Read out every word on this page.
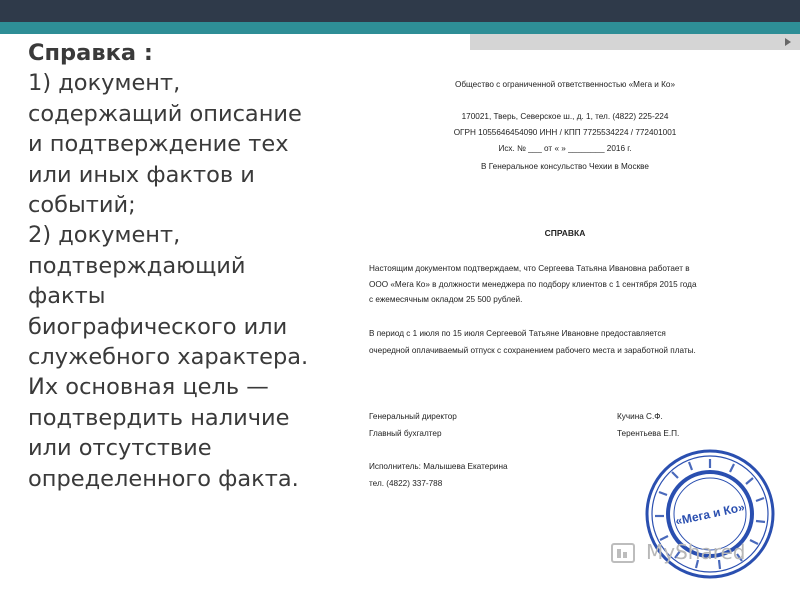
Справка :
1) документ,
содержащий описание
и подтверждение тех
или иных фактов и
событий;
2) документ,
подтверждающий
факты
биографического или
служебного характера.
Их основная цель —
подтвердить наличие
или отсутствие
определенного факта.
Общество с ограниченной ответственностью «Мега и Ко»
170021, Тверь, Северское ш., д. 1, тел. (4822) 225-224
ОГРН 1055646454090 ИНН / КПП 7725534224 / 772401001
Исх. № ___ от « » ________ 2016 г.
В Генеральное консульство Чехии в Москве
СПРАВКА
Настоящим документом подтверждаем, что Сергеева Татьяна Ивановна работает в
ООО «Мега Ко» в должности менеджера по подбору клиентов с 1 сентября 2015 года
с ежемесячным окладом 25 500 рублей.
В период с 1 июля по 15 июля Сергеевой Татьяне Ивановне предоставляется
очередной оплачиваемый отпуск с сохранением рабочего места и заработной платы.
Генеральный директор	Кучина С.Ф.
Главный бухгалтер	Терентьева Е.П.
Исполнитель: Малышева Екатерина
тел. (4822) 337-788
«Мега и Ко»
MyShared
